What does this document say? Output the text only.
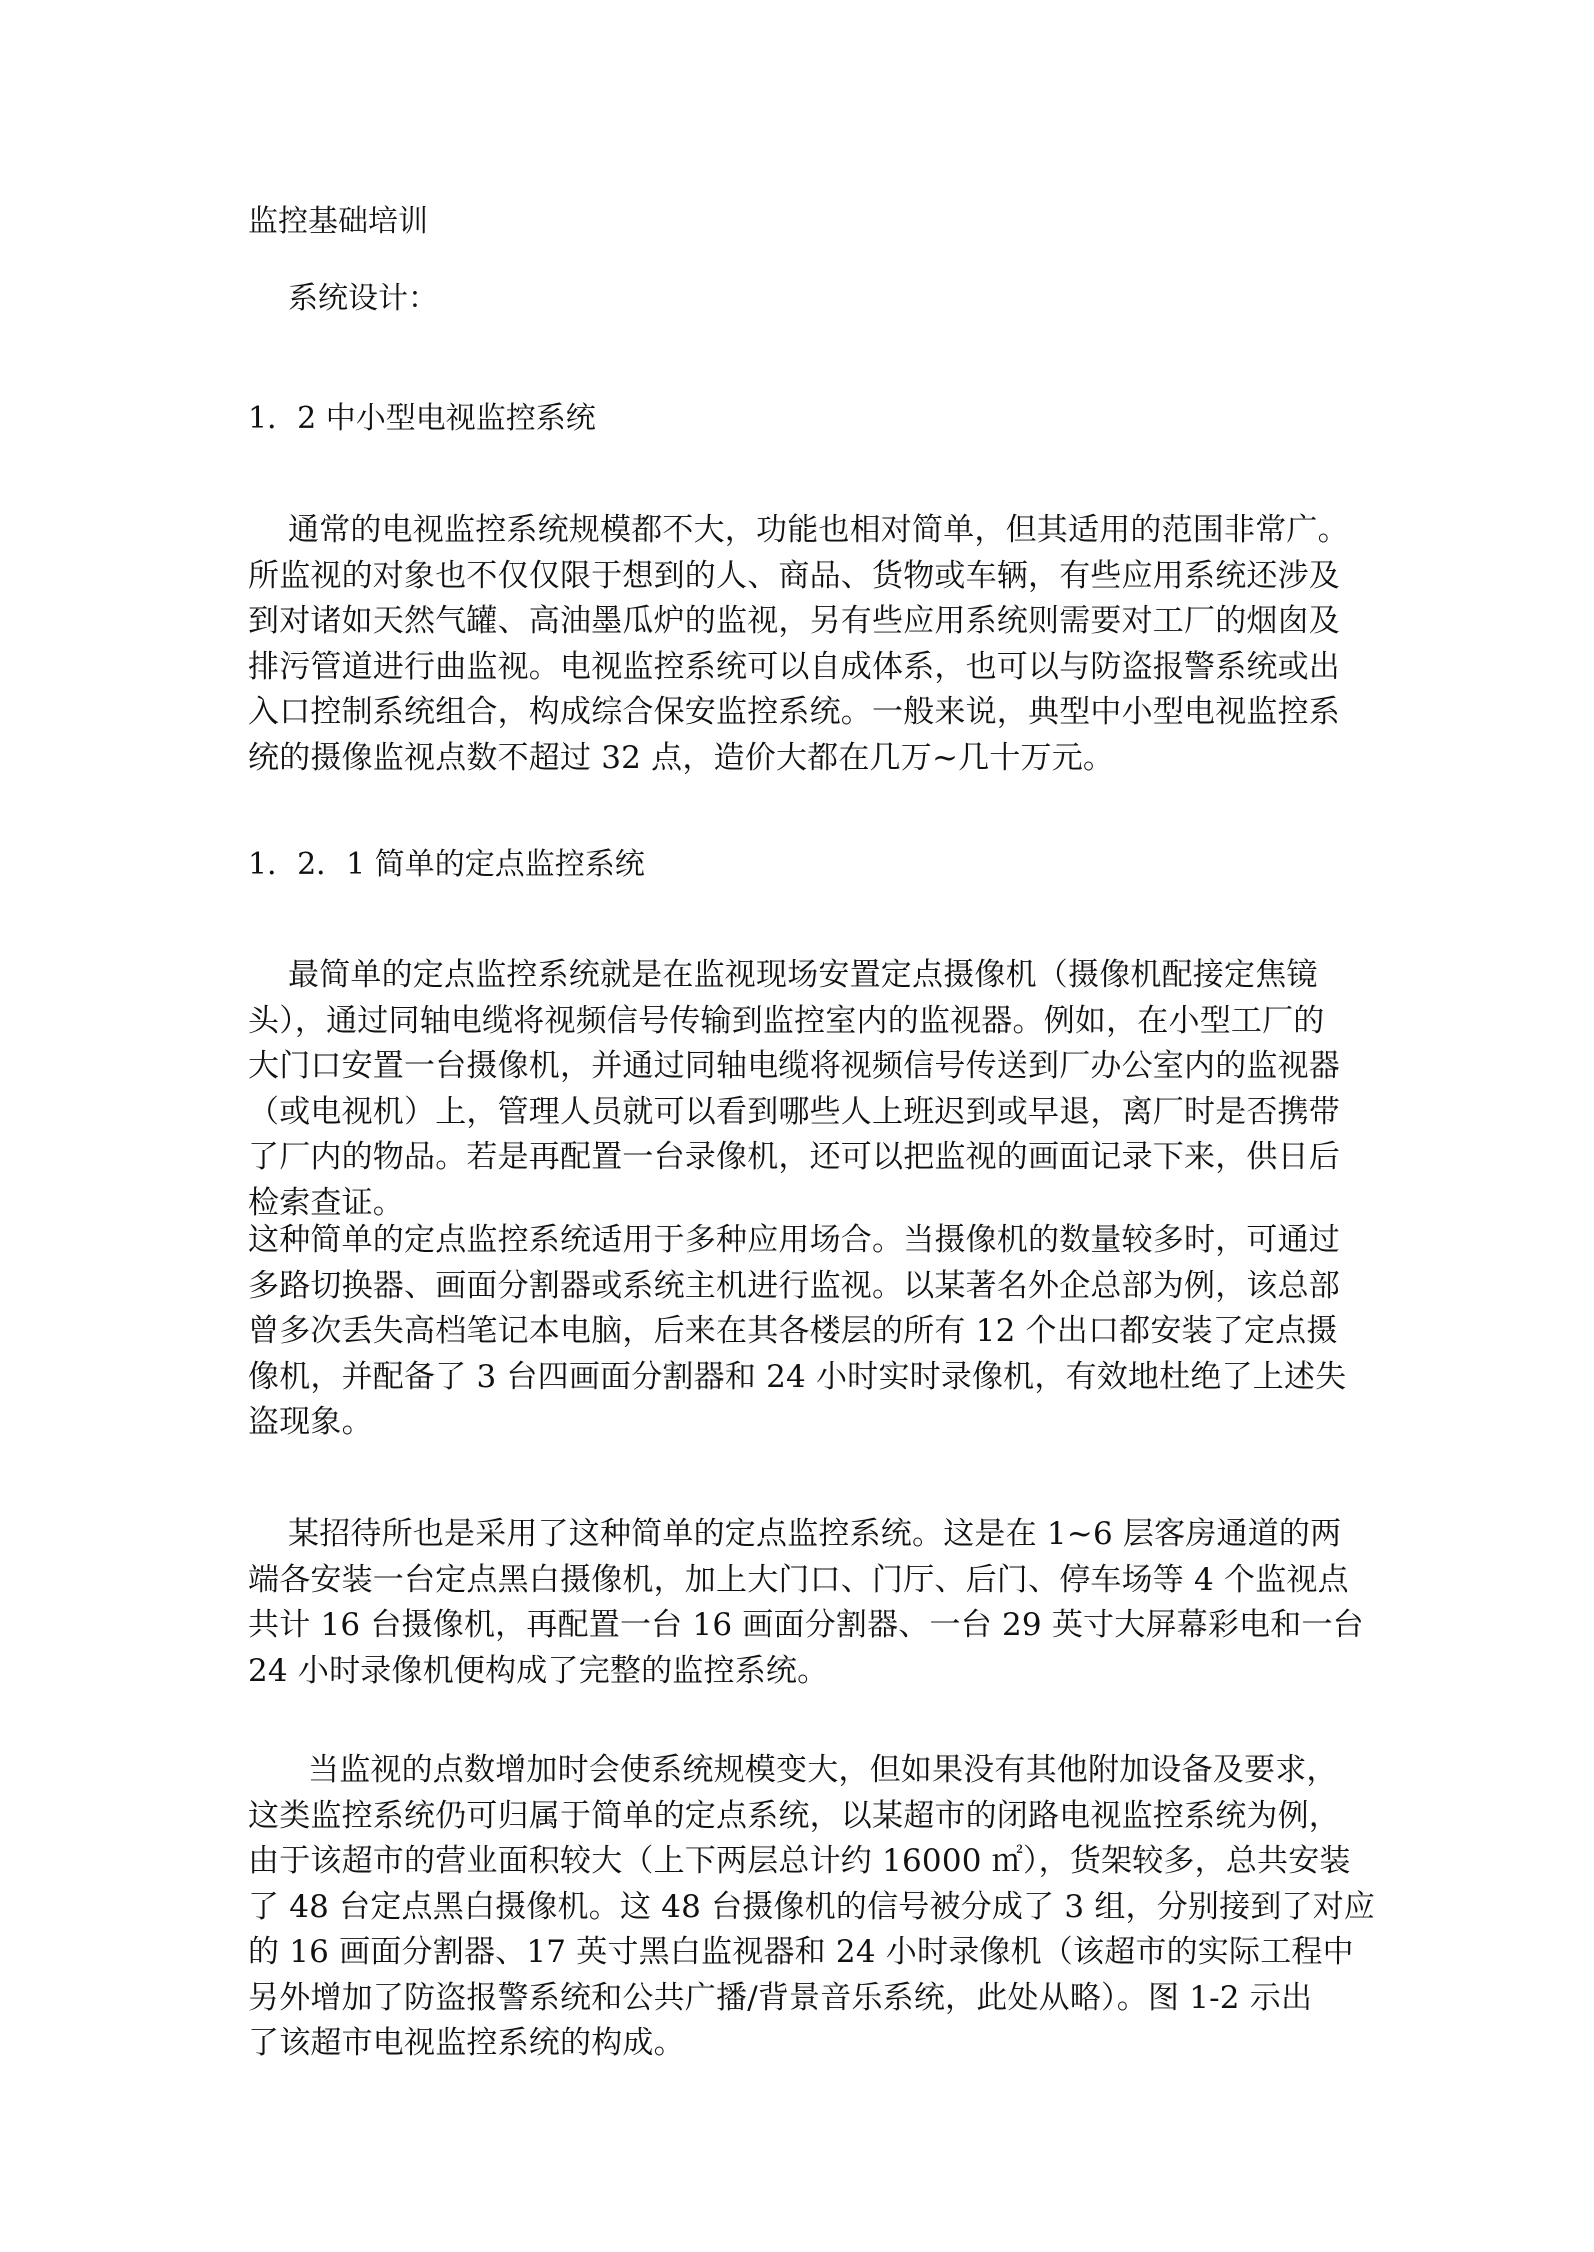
监控基础培训

系统设计：

1．2 中小型电视监控系统

通常的电视监控系统规模都不大，功能也相对简单，但其适用的范围非常广。

所监视的对象也不仅仅限于想到的人、商品、货物或车辆，有些应用系统还涉及

到对诸如天然气罐、高油墨瓜炉的监视，另有些应用系统则需要对工厂的烟囱及

排污管道进行曲监视。电视监控系统可以自成体系，也可以与防盗报警系统或出

入口控制系统组合，构成综合保安监控系统。一般来说，典型中小型电视监控系

统的摄像监视点数不超过 32 点，造价大都在几万~几十万元。

1．2．1 简单的定点监控系统

最简单的定点监控系统就是在监视现场安置定点摄像机（摄像机配接定焦镜

头），通过同轴电缆将视频信号传输到监控室内的监视器。例如，在小型工厂的

大门口安置一台摄像机，并通过同轴电缆将视频信号传送到厂办公室内的监视器

（或电视机）上，管理人员就可以看到哪些人上班迟到或早退，离厂时是否携带

了厂内的物品。若是再配置一台录像机，还可以把监视的画面记录下来，供日后

检索查证。

这种简单的定点监控系统适用于多种应用场合。当摄像机的数量较多时，可通过

多路切换器、画面分割器或系统主机进行监视。以某著名外企总部为例，该总部

曾多次丢失高档笔记本电脑，后来在其各楼层的所有 12 个出口都安装了定点摄

像机，并配备了 3 台四画面分割器和 24 小时实时录像机，有效地杜绝了上述失

盗现象。

某招待所也是采用了这种简单的定点监控系统。这是在 1~6 层客房通道的两

端各安装一台定点黑白摄像机，加上大门口、门厅、后门、停车场等 4 个监视点

共计 16 台摄像机，再配置一台 16 画面分割器、一台 29 英寸大屏幕彩电和一台

24 小时录像机便构成了完整的监控系统。

当监视的点数增加时会使系统规模变大，但如果没有其他附加设备及要求，

这类监控系统仍可归属于简单的定点系统，以某超市的闭路电视监控系统为例，

由于该超市的营业面积较大（上下两层总计约 16000 ㎡），货架较多，总共安装

了 48 台定点黑白摄像机。这 48 台摄像机的信号被分成了 3 组，分别接到了对应

的 16 画面分割器、17 英寸黑白监视器和 24 小时录像机（该超市的实际工程中

另外增加了防盗报警系统和公共广播/背景音乐系统，此处从略）。图 1-2 示出

了该超市电视监控系统的构成。
